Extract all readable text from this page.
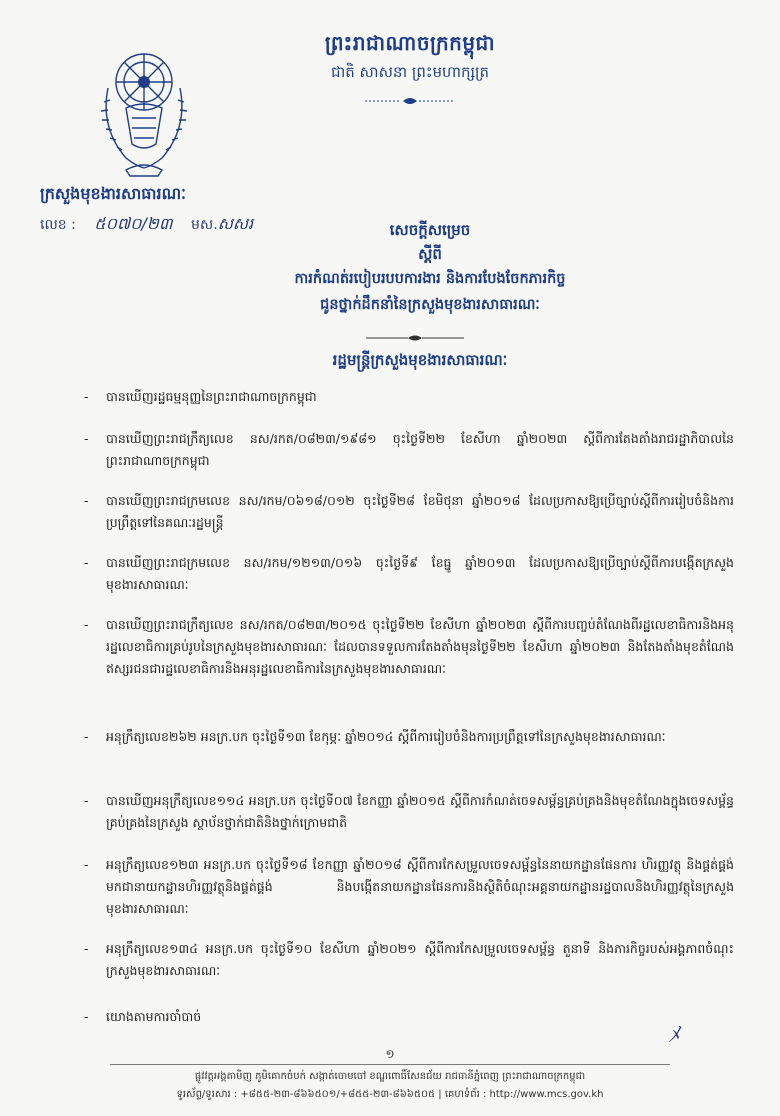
ព្រះរាជាណាចក្រកម្ពុជា
ជាតិ សាសនា ព្រះមហាក្សត្រ
ក្រសួងមុខងារសាធារណៈ
លេខ : ៥០៧០/២៣ មស.សសរ	សេចក្ដីសម្រេច
ស្ដីពី
ការកំណត់របៀបរបបការងារ និងការបែងចែកភារកិច្ច
ជូនថ្នាក់ដឹកនាំនៃក្រសួងមុខងារសាធារណៈ
រដ្ឋមន្ត្រីក្រសួងមុខងារសាធារណៈ
-	បានឃើញរដ្ឋធម្មនុញ្ញនៃព្រះរាជាណាចក្រកម្ពុជា
-	បានឃើញព្រះរាជក្រឹត្យលេខ នស/រកត/០៨២៣/១៩៨១ ចុះថ្ងៃទី២២ ខែសីហា ឆ្នាំ២០២៣ ស្ដីពីការតែងតាំងរាជរដ្ឋាភិបាលនៃព្រះរាជាណាចក្រកម្ពុជា
-	បានឃើញព្រះរាជក្រមលេខ នស/រកម/០៦១៨/០១២ ចុះថ្ងៃទី២៨ ខែមិថុនា ឆ្នាំ២០១៨ ដែលប្រកាសឱ្យប្រើច្បាប់ស្ដីពីការរៀបចំនិងការប្រព្រឹត្តទៅនៃគណៈរដ្ឋមន្ត្រី
-	បានឃើញព្រះរាជក្រមលេខ នស/រកម/១២១៣/០១៦ ចុះថ្ងៃទី៩ ខែធ្នូ ឆ្នាំ២០១៣ ដែលប្រកាសឱ្យប្រើច្បាប់ស្ដីពីការបង្កើតក្រសួងមុខងារសាធារណៈ
-	បានឃើញព្រះរាជក្រឹត្យលេខ នស/រកត/០៨២៣/២០១៥ ចុះថ្ងៃទី២២ ខែសីហា ឆ្នាំ២០២៣ ស្ដីពីការបញ្ចប់តំណែងពីរដ្ឋលេខាធិការនិងអនុរដ្ឋលេខាធិការគ្រប់រូបនៃក្រសួងមុខងារសាធារណៈ ដែលបានទទួលការតែងតាំងមុនថ្ងៃទី២២ ខែសីហា ឆ្នាំ២០២៣ និងតែងតាំងមុខតំណែងឥស្សរជនជារដ្ឋលេខាធិការនិងអនុរដ្ឋលេខាធិការនៃក្រសួងមុខងារសាធារណៈ
-	អនុក្រឹត្យលេខ២៦២ អនក្រ.បក ចុះថ្ងៃទី១៣ ខែកុម្ភៈ ឆ្នាំ២០១៤ ស្ដីពីការរៀបចំនិងការប្រព្រឹត្តទៅនៃក្រសួងមុខងារសាធារណៈ
-	បានឃើញអនុក្រឹត្យលេខ១១៤ អនក្រ.បក ចុះថ្ងៃទី០៧ ខែកញ្ញា ឆ្នាំ២០១៥ ស្ដីពីការកំណត់ចេទសម្ព័ន្ធគ្រប់គ្រងនិងមុខតំណែងក្នុងចេទសម្ព័ន្ធគ្រប់គ្រងនៃក្រសួង ស្ថាប័នថ្នាក់ជាតិនិងថ្នាក់ក្រោមជាតិ
-	អនុក្រឹត្យលេខ១២៣ អនក្រ.បក ចុះថ្ងៃទី១៨ ខែកញ្ញា ឆ្នាំ២០១៨ ស្ដីពីការកែសម្រួលចេទសម្ព័ន្ធនៃនាយកដ្ឋានផែនការ ហិរញ្ញវត្ថុ និងផ្គត់ផ្គង់ មកជានាយកដ្ឋានហិរញ្ញវត្ថុនិងផ្គត់ផ្គង់ និងបង្កើតនាយកដ្ឋានផែនការនិងស្ថិតិចំណុះអគ្គនាយកដ្ឋានរដ្ឋបាលនិងហិរញ្ញវត្ថុនៃក្រសួងមុខងារសាធារណៈ
-	អនុក្រឹត្យលេខ១៣៤ អនក្រ.បក ចុះថ្ងៃទី១០ ខែសីហា ឆ្នាំ២០២១ ស្ដីពីការកែសម្រួលចេទសម្ព័ន្ធ តួនាទី និងភារកិច្ចរបស់អង្គភាពចំណុះក្រសួងមុខងារសាធារណៈ
-	យោងតាមការចាំបាច់
ﾒ
១
ផ្លូវវត្តអង្គតាមិញ ភូមិគោកចំបក់ សង្កាត់ចោមចៅ ខណ្ឌពោធិ៍សែនជ័យ រាជធានីភ្នំពេញ ព្រះរាជាណាចក្រកម្ពុជា
ទូរស័ព្ទ/ទូរសារ : +៨៥៥-២៣-៨៦៦៥០១/+៨៥៥-២៣-៨៦៦៥០៥ | គេហទំព័រ : http://www.mcs.gov.kh
